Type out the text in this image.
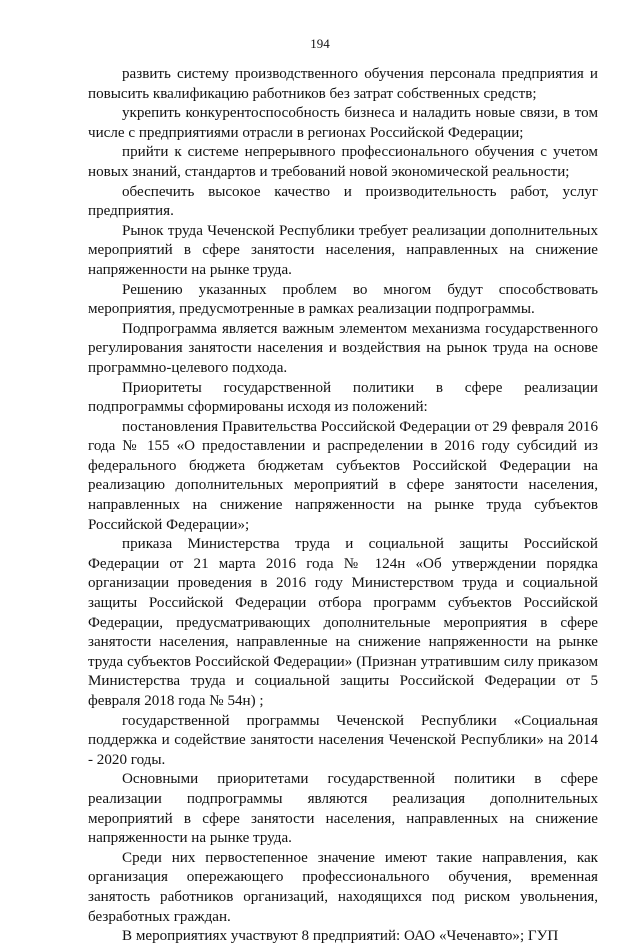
194

развить систему производственного обучения персонала предприятия и повысить квалификацию работников без затрат собственных средств;

укрепить конкурентоспособность бизнеса и наладить новые связи, в том числе с предприятиями отрасли в регионах Российской Федерации;

прийти к системе непрерывного профессионального обучения с учетом новых знаний, стандартов и требований новой экономической реальности;

обеспечить высокое качество и производительность работ, услуг предприятия.

Рынок труда Чеченской Республики требует реализации дополнительных мероприятий в сфере занятости населения, направленных на снижение напряженности на рынке труда.

Решению указанных проблем во многом будут способствовать мероприятия, предусмотренные в рамках реализации подпрограммы.

Подпрограмма является важным элементом механизма государственного регулирования занятости населения и воздействия на рынок труда на основе программно-целевого подхода.

Приоритеты государственной политики в сфере реализации подпрограммы сформированы исходя из положений:

постановления Правительства Российской Федерации от 29 февраля 2016 года № 155 «О предоставлении и распределении в 2016 году субсидий из федерального бюджета бюджетам субъектов Российской Федерации на реализацию дополнительных мероприятий в сфере занятости населения, направленных на снижение напряженности на рынке труда субъектов Российской Федерации»;

приказа Министерства труда и социальной защиты Российской Федерации от 21 марта 2016 года № 124н «Об утверждении порядка организации проведения в 2016 году Министерством труда и социальной защиты Российской Федерации отбора программ субъектов Российской Федерации, предусматривающих дополнительные мероприятия в сфере занятости населения, направленные на снижение напряженности на рынке труда субъектов Российской Федерации» (Признан утратившим силу приказом Министерства труда и социальной защиты Российской Федерации от 5 февраля 2018 года № 54н) ;

государственной программы Чеченской Республики «Социальная поддержка и содействие занятости населения Чеченской Республики» на 2014 - 2020 годы.

Основными приоритетами государственной политики в сфере реализации подпрограммы являются реализация дополнительных мероприятий в сфере занятости населения, направленных на снижение напряженности на рынке труда.

Среди них первостепенное значение имеют такие направления, как организация опережающего профессионального обучения, временная занятость работников организаций, находящихся под риском увольнения, безработных граждан.

В мероприятиях участвуют 8 предприятий: ОАО «Чеченавто»; ГУП
